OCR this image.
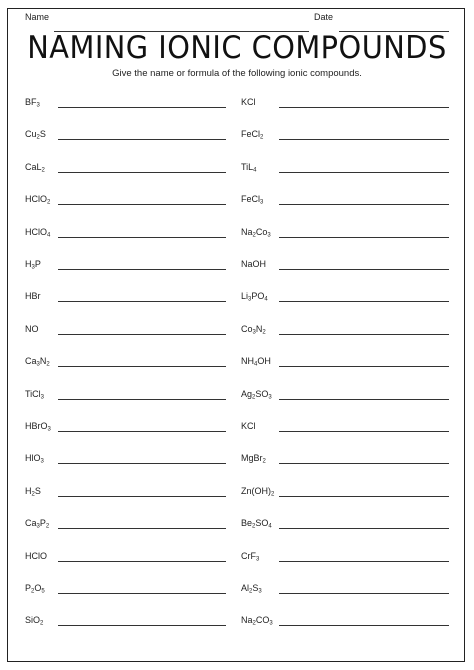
Name	Date
NAMING IONIC COMPOUNDS
Give the name or formula of the following ionic compounds.
$BF_3$
$Cu_2S$
CaL$_2$
HClO$_2$
HClO$_4$
$H_3P$
HBr
NO
$Ca_3N_2$
TiCl$_3$
HBrO$_3$
HlO$_3$
$H_2S$
$Ca_3P_2$
HClO
$P_2O_5$
SiO$_2$
KCl
FeCl$_2$
TiL$_4$
FeCl$_3$
$Na_2Co_3$
NaOH
$Li_3PO_4$
$Co_3N_2$
$NH_4OH$
$Ag_2SO_3$
KCl
MgBr$_2$
$Zn(OH)_2$
$Be_2SO_4$
CrF$_3$
$Al_2S_3$
$Na_2CO_3$
